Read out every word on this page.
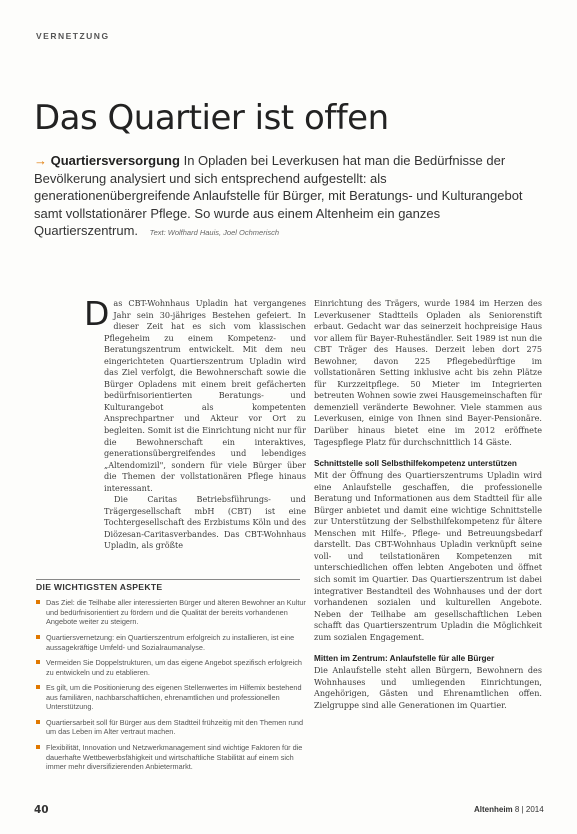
VERNETZUNG
Das Quartier ist offen
→ Quartiersversorgung In Opladen bei Leverkusen hat man die Bedürfnisse der Bevölkerung analysiert und sich entsprechend aufgestellt: als generationenübergreifende Anlaufstelle für Bürger, mit Beratungs- und Kulturangebot samt vollstationärer Pflege. So wurde aus einem Altenheim ein ganzes Quartierszentrum. Text: Wolfhard Hauis, Joel Ochmerisch

D as CBT-Wohnhaus Upladin hat vergangenes Jahr sein 30-jähriges Bestehen gefeiert. In dieser Zeit hat es sich vom klassischen Pflegeheim zu einem Kompetenz- und Beratungszentrum entwickelt. Mit dem neu eingerichteten Quartierszentrum Upladin wird das Ziel verfolgt, die Bewohnerschaft sowie die Bürger Opladens mit einem breit gefächerten bedürfnisorientierten Beratungs- und Kulturangebot als kompetenten Ansprechpartner und Akteur vor Ort zu begleiten. Somit ist die Einrichtung nicht nur für die Bewohnerschaft ein interaktives, generationsübergreifendes und lebendiges „Altendomizil", sondern für viele Bürger über die Themen der vollstationären Pflege hinaus interessant.

Die Caritas Betriebsführungs- und Trägergesellschaft mbH (CBT) ist eine Tochtergesellschaft des Erzbistums Köln und des Diözesan-Caritasverbandes. Das CBT-Wohnhaus Upladin, als größte

Einrichtung des Trägers, wurde 1984 im Herzen des Leverkusener Stadtteils Opladen als Seniorenstift erbaut. Gedacht war das seinerzeit hochpreisige Haus vor allem für Bayer-Ruheständler. Seit 1989 ist nun die CBT Träger des Hauses. Derzeit leben dort 275 Bewohner, davon 225 Pflegebedürftige im vollstationären Setting inklusive acht bis zehn Plätze für Kurzzeitpflege. 50 Mieter im Integrierten betreuten Wohnen sowie zwei Hausgemeinschaften für demenziell veränderte Bewohner. Viele stammen aus Leverkusen, einige von Ihnen sind Bayer-Pensionäre. Darüber hinaus bietet eine im 2012 eröffnete Tagespflege Platz für durchschnittlich 14 Gäste.

Schnittstelle soll Selbsthilfekompetenz unterstützen

Mit der Öffnung des Quartierszentrums Upladin wird eine Anlaufstelle geschaffen, die professionelle Beratung und Informationen aus dem Stadtteil für alle Bürger anbietet und damit eine wichtige Schnittstelle zur Unterstützung der Selbsthilfekompetenz für ältere Menschen mit Hilfe-, Pflege- und Betreuungsbedarf darstellt. Das CBT-Wohnhaus Upladin verknüpft seine voll- und teilstationären Kompetenzen mit unterschiedlichen offen lebten Angeboten und öffnet sich somit im Quartier. Das Quartierszentrum ist dabei integrativer Bestandteil des Wohnhauses und der dort vorhandenen sozialen und kulturellen Angebote. Neben der Teilhabe am gesellschaftlichen Leben schafft das Quartierszentrum Upladin die Möglichkeit zum sozialen Engagement.

Mitten im Zentrum: Anlaufstelle für alle Bürger

Die Anlaufstelle steht allen Bürgern, Bewohnern des Wohnhauses und umliegenden Einrichtungen, Angehörigen, Gästen und Ehrenamtlichen offen. Zielgruppe sind alle Generationen im Quartier.

DIE WICHTIGSTEN ASPEKTE
Das Ziel: die Teilhabe aller interessierten Bürger und älteren Bewohner an Kultur und bedürfnisorientiert zu fördern und die Qualität der bereits vorhandenen Angebote weiter zu steigern.
Quartiersvernetzung: ein Quartierszentrum erfolgreich zu installieren, ist eine aussagekräftige Umfeld- und Sozialraumanalyse.
Vermeiden Sie Doppelstrukturen, um das eigene Angebot spezifisch erfolgreich zu entwickeln und zu etablieren.
Es gilt, um die Positionierung des eigenen Stellenwertes im Hilfemix bestehend aus familiären, nachbarschaftlichen, ehrenamtlichen und professionellen Unterstützung.
Quartiersarbeit soll für Bürger aus dem Stadtteil frühzeitig mit den Themen rund um das Leben im Alter vertraut machen.
Flexibilität, Innovation und Netzwerkmanagement sind wichtige Faktoren für die dauerhafte Wettbewerbsfähigkeit und wirtschaftliche Stabilität auf einem sich immer mehr diversifizierenden Anbietermarkt.
40	Altenheim 8 | 2014
